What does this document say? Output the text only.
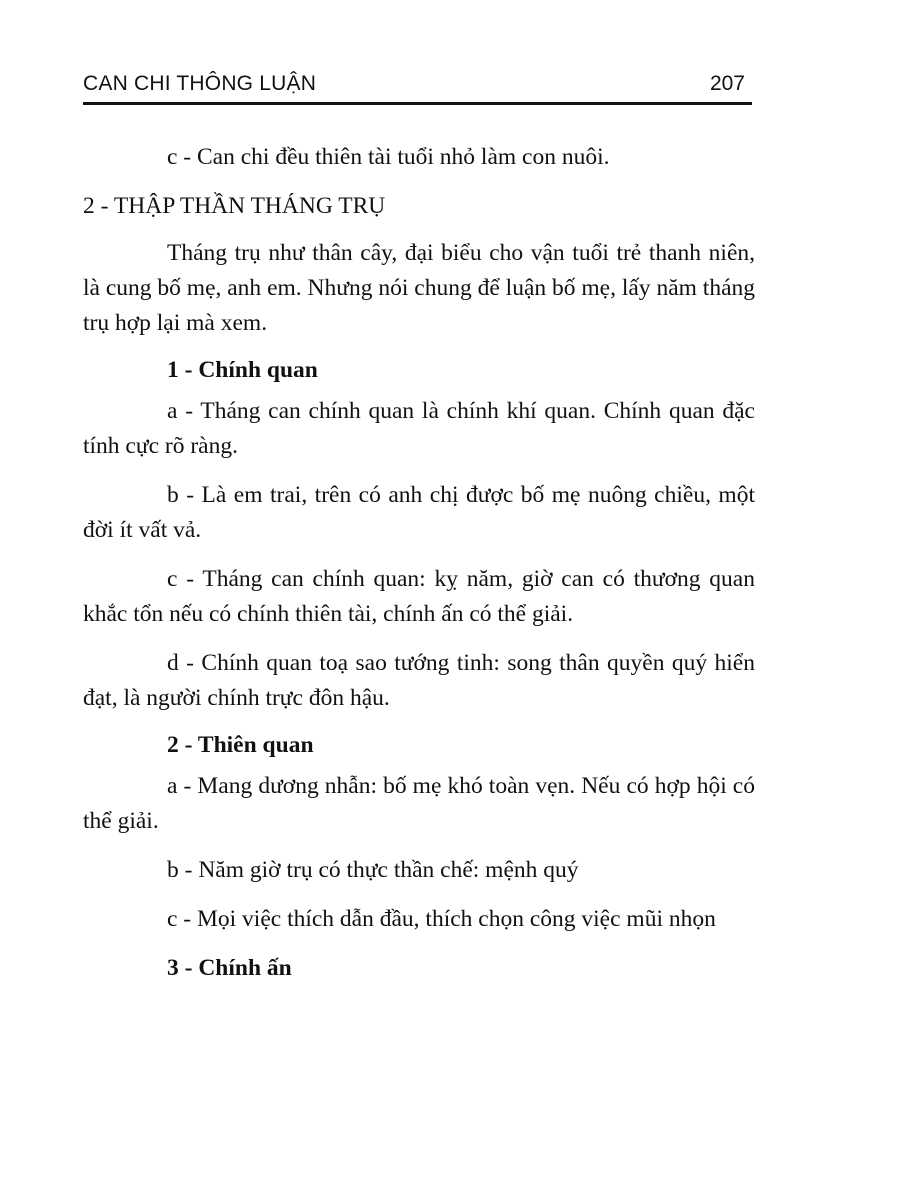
CAN CHI THÔNG LUẬN	207

c - Can chi đều thiên tài tuổi nhỏ làm con nuôi.

2 - THẬP THẦN THÁNG TRỤ

Tháng trụ như thân cây, đại biểu cho vận tuổi trẻ thanh niên, là cung bố mẹ, anh em. Nhưng nói chung để luận bố mẹ, lấy năm tháng trụ hợp lại mà xem.

1 - Chính quan

a - Tháng can chính quan là chính khí quan. Chính quan đặc tính cực rõ ràng.

b - Là em trai, trên có anh chị được bố mẹ nuông chiều, một đời ít vất vả.

c - Tháng can chính quan: kỵ năm, giờ can có thương quan khắc tổn nếu có chính thiên tài, chính ấn có thể giải.

d - Chính quan toạ sao tướng tinh: song thân quyền quý hiển đạt, là người chính trực đôn hậu.

2 - Thiên quan

a - Mang dương nhẫn: bố mẹ khó toàn vẹn. Nếu có hợp hội có thể giải.

b - Năm giờ trụ có thực thần chế: mệnh quý

c - Mọi việc thích dẫn đầu, thích chọn công việc mũi nhọn

3 - Chính ấn
